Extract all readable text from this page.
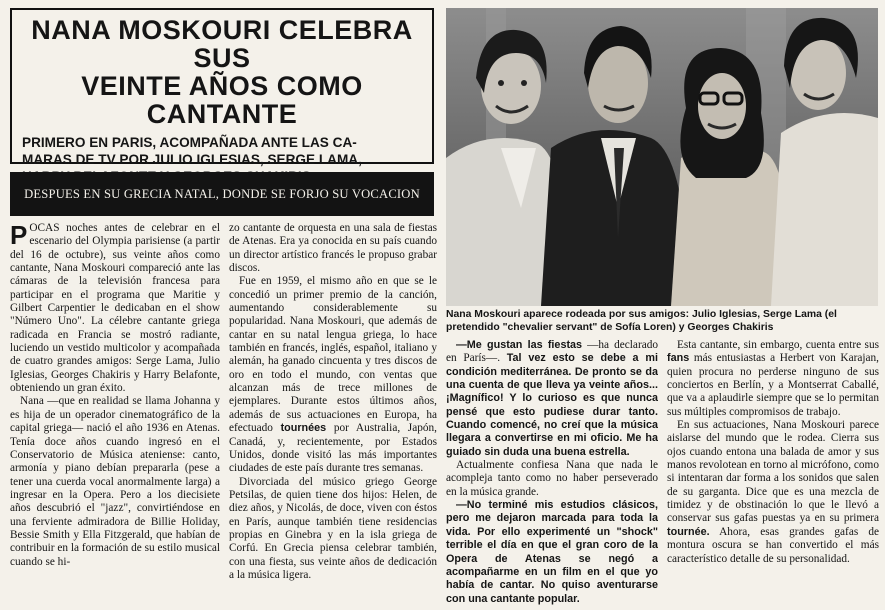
NANA MOSKOURI CELEBRA SUS
VEINTE AÑOS COMO CANTANTE
PRIMERO EN PARIS, ACOMPAÑADA ANTE LAS CA-
MARAS DE TV POR JULIO IGLESIAS, SERGE LAMA,
DESPUES EN SU GRECIA NATAL, DONDE SE FORJO SU VOCACION
Nana Moskouri aparece rodeada por sus amigos: Julio Iglesias, Serge Lama (el pretendido "chevalier servant" de Sofía Loren) y Georges Chakiris

POCAS noches antes de celebrar en el escenario del Olympia parisiense (a partir del 16 de octubre), sus veinte años como cantante, Nana Moskouri compareció ante las cámaras de la televisión francesa para participar en el programa que Maritie y Gilbert Carpentier le dedicaban en el show "Número Uno". La célebre cantante griega radicada en Francia se mostró radiante, luciendo un vestido multicolor y acompañada de cuatro grandes amigos: Serge Lama, Julio Iglesias, Georges Chakiris y Harry Belafonte, obteniendo un gran éxito.

Nana —que en realidad se llama Johanna y es hija de un operador cinematográfico de la capital griega— nació el año 1936 en Atenas. Tenía doce años cuando ingresó en el Conservatorio de Música ateniense: canto, armonía y piano debían prepararla (pese a tener una cuerda vocal anormalmente larga) a ingresar en la Opera. Pero a los diecisiete años descubrió el "jazz", convirtiéndose en una ferviente admiradora de Billie Holiday, Bessie Smith y Ella Fitzgerald, que habían de contribuir en la formación de su estilo musical cuando se hi-

zo cantante de orquesta en una sala de fiestas de Atenas. Era ya conocida en su país cuando un director artístico francés le propuso grabar discos.

Fue en 1959, el mismo año en que se le concedió un primer premio de la canción, aumentando considerablemente su popularidad. Nana Moskouri, que además de cantar en su natal lengua griega, lo hace también en francés, inglés, español, italiano y alemán, ha ganado cincuenta y tres discos de oro en todo el mundo, con ventas que alcanzan más de trece millones de ejemplares. Durante estos últimos años, además de sus actuaciones en Europa, ha efectuado tournées por Australia, Japón, Canadá, y, recientemente, por Estados Unidos, donde visitó las más importantes ciudades de este país durante tres semanas.

Divorciada del músico griego George Petsilas, de quien tiene dos hijos: Helen, de diez años, y Nicolás, de doce, viven con éstos en París, aunque también tiene residencias propias en Ginebra y en la isla griega de Corfú. En Grecia piensa celebrar también, con una fiesta, sus veinte años de dedicación a la música ligera.

—Me gustan las fiestas —ha declarado en París—. Tal vez esto se debe a mi condición mediterránea. De pronto se da una cuenta de que lleva ya veinte años... ¡Magnífico! Y lo curioso es que nunca pensé que esto pudiese durar tanto. Cuando comencé, no creí que la música llegara a convertirse en mi oficio. Me ha guiado sin duda una buena estrella.

Actualmente confiesa Nana que nada le acompleja tanto como no haber perseverado en la música grande.

—No terminé mis estudios clásicos, pero me dejaron marcada para toda la vida. Por ello experimenté un "shock" terrible el día en que el gran coro de la Opera de Atenas se negó a acompañarme en un film en el que yo había de cantar. No quiso aventurarse con una cantante popular.

Esta cantante, sin embargo, cuenta entre sus fans más entusiastas a Herbert von Karajan, quien procura no perderse ninguno de sus conciertos en Berlín, y a Montserrat Caballé, que va a aplaudirle siempre que se lo permitan sus múltiples compromisos de trabajo.

En sus actuaciones, Nana Moskouri parece aislarse del mundo que le rodea. Cierra sus ojos cuando entona una balada de amor y sus manos revolotean en torno al micrófono, como si intentaran dar forma a los sonidos que salen de su garganta. Dice que es una mezcla de timidez y de obstinación lo que le llevó a conservar sus gafas puestas ya en su primera tournée. Ahora, esas grandes gafas de montura oscura se han convertido el más característico detalle de su personalidad.
